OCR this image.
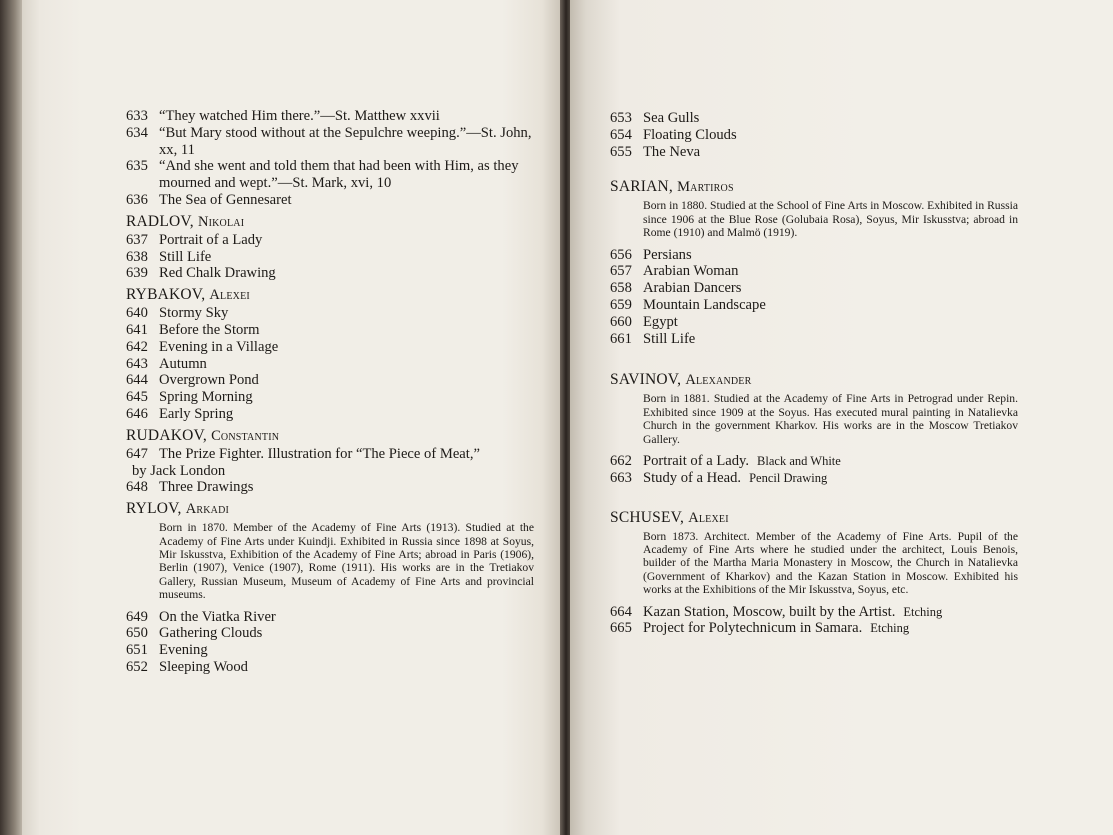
633 “They watched Him there.”—St. Matthew xxvii
634 “But Mary stood without at the Sepulchre weeping.”—St. John, xx, 11
635 “And she went and told them that had been with Him, as they mourned and wept.”—St. Mark, xvi, 10
636 The Sea of Gennesaret
RADLOV, Nikolai
637 Portrait of a Lady
638 Still Life
639 Red Chalk Drawing
RYBAKOV, Alexei
640 Stormy Sky
641 Before the Storm
642 Evening in a Village
643 Autumn
644 Overgrown Pond
645 Spring Morning
646 Early Spring
RUDAKOV, Constantin
647 The Prize Fighter. Illustration for “The Piece of Meat,”
by Jack London
648 Three Drawings
RYLOV, Arkadi
Born in 1870. Member of the Academy of Fine Arts (1913). Studied at the Academy of Fine Arts under Kuindji. Exhibited in Russia since 1898 at Soyus, Mir Iskusstva, Exhibition of the Academy of Fine Arts; abroad in Paris (1906), Berlin (1907), Venice (1907), Rome (1911). His works are in the Tretiakov Gallery, Russian Museum, Museum of Academy of Fine Arts and provincial museums.
649 On the Viatka River
650 Gathering Clouds
651 Evening
652 Sleeping Wood
653 Sea Gulls
654 Floating Clouds
655 The Neva
SARIAN, Martiros
Born in 1880. Studied at the School of Fine Arts in Moscow. Exhibited in Russia since 1906 at the Blue Rose (Golubaia Rosa), Soyus, Mir Iskusstva; abroad in Rome (1910) and Malmö (1919).
656 Persians
657 Arabian Woman
658 Arabian Dancers
659 Mountain Landscape
660 Egypt
661 Still Life
SAVINOV, Alexander
Born in 1881. Studied at the Academy of Fine Arts in Petrograd under Repin. Exhibited since 1909 at the Soyus. Has executed mural painting in Natalievka Church in the government Kharkov. His works are in the Moscow Tretiakov Gallery.
662 Portrait of a Lady. Black and White
663 Study of a Head. Pencil Drawing
SCHUSEV, Alexei
Born 1873. Architect. Member of the Academy of Fine Arts. Pupil of the Academy of Fine Arts where he studied under the architect, Louis Benois, builder of the Martha Maria Monastery in Moscow, the Church in Natalievka (Government of Kharkov) and the Kazan Station in Moscow. Exhibited his works at the Exhibitions of the Mir Iskusstva, Soyus, etc.
664 Kazan Station, Moscow, built by the Artist. Etching
665 Project for Polytechnicum in Samara. Etching
